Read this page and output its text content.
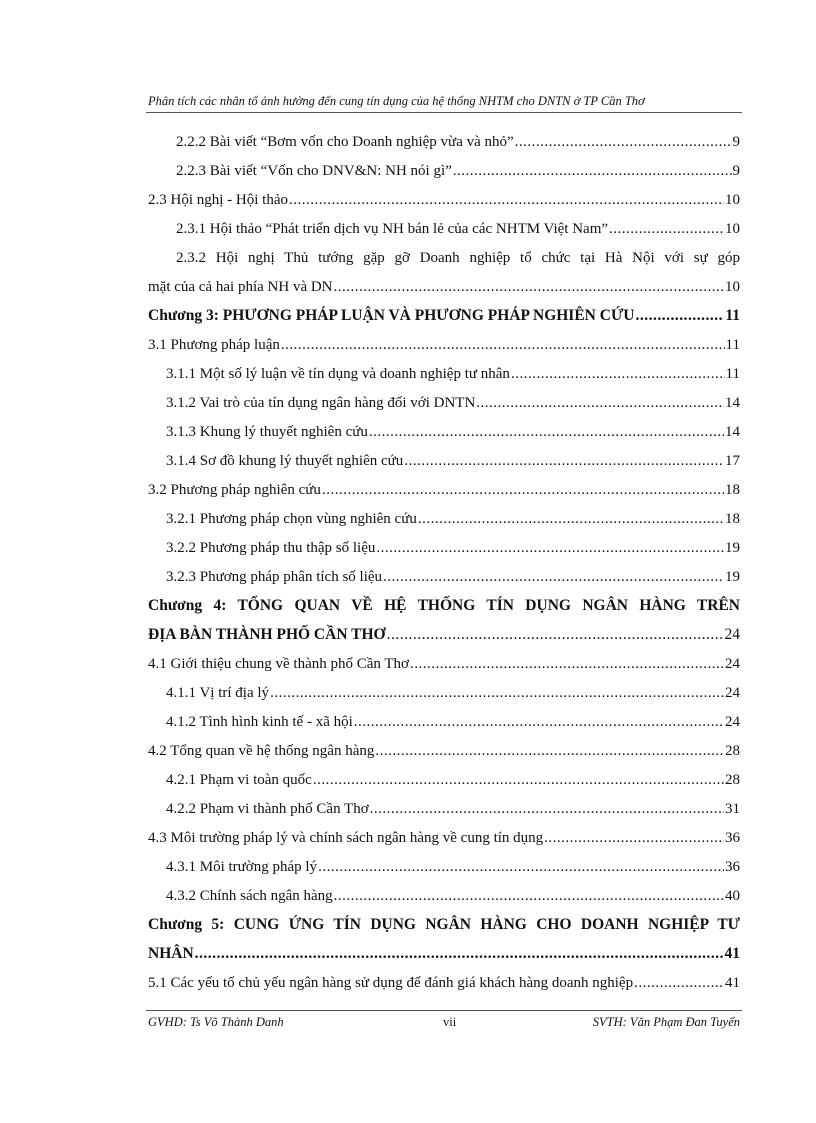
Phân tích các nhân tố ảnh hưởng đến cung tín dụng của hệ thống NHTM cho DNTN ở TP Cần Thơ
2.2.2 Bài viết “Bơm vốn cho Doanh nghiệp vừa và nhỏ” .....	9
2.2.3 Bài viết “Vốn cho DNV&N: NH nói gì” .....	9
2.3 Hội nghị - Hội thảo .....	10
2.3.1 Hội thảo “Phát triển dịch vụ NH bán lẻ của các NHTM Việt Nam” .....	10
2.3.2 Hội nghị Thủ tướng gặp gỡ Doanh nghiệp tổ chức tại Hà Nội với sự góp
mặt của cả hai phía NH và DN .....	10
Chương 3: PHƯƠNG PHÁP LUẬN VÀ PHƯƠNG PHÁP NGHIÊN CỨU .....	11
3.1 Phương pháp luận .....	11
3.1.1 Một số lý luận về tín dụng và doanh nghiệp tư nhân .....	11
3.1.2 Vai trò của tín dụng ngân hàng đối với DNTN .....	14
3.1.3 Khung lý thuyết nghiên cứu .....	14
3.1.4 Sơ đồ khung lý thuyết nghiên cứu .....	17
3.2 Phương pháp nghiên cứu .....	18
3.2.1 Phương pháp chọn vùng nghiên cứu .....	18
3.2.2 Phương pháp thu thập số liệu .....	19
3.2.3 Phương pháp phân tích số liệu .....	19
Chương 4: TỔNG QUAN VỀ HỆ THỐNG TÍN DỤNG NGÂN HÀNG TRÊN
ĐỊA BÀN THÀNH PHỐ CẦN THƠ .....	24
4.1 Giới thiệu chung về thành phố Cần Thơ .....	24
4.1.1 Vị trí địa lý .....	24
4.1.2 Tình hình kinh tế - xã hội .....	24
4.2 Tổng quan về hệ thống ngân hàng .....	28
4.2.1 Phạm vi toàn quốc .....	28
4.2.2 Phạm vi thành phố Cần Thơ .....	31
4.3 Môi trường pháp lý và chính sách ngân hàng về cung tín dụng .....	36
4.3.1 Môi trường pháp lý .....	36
4.3.2 Chính sách ngân hàng .....	40
Chương 5: CUNG ỨNG TÍN DỤNG NGÂN HÀNG CHO DOANH NGHIỆP TƯ
NHÂN .....	41
5.1 Các yếu tố chủ yếu ngân hàng sử dụng để đánh giá khách hàng doanh nghiệp .....	41
GVHD: Ts Võ Thành Danh	vii	SVTH: Văn Phạm Đan Tuyển
